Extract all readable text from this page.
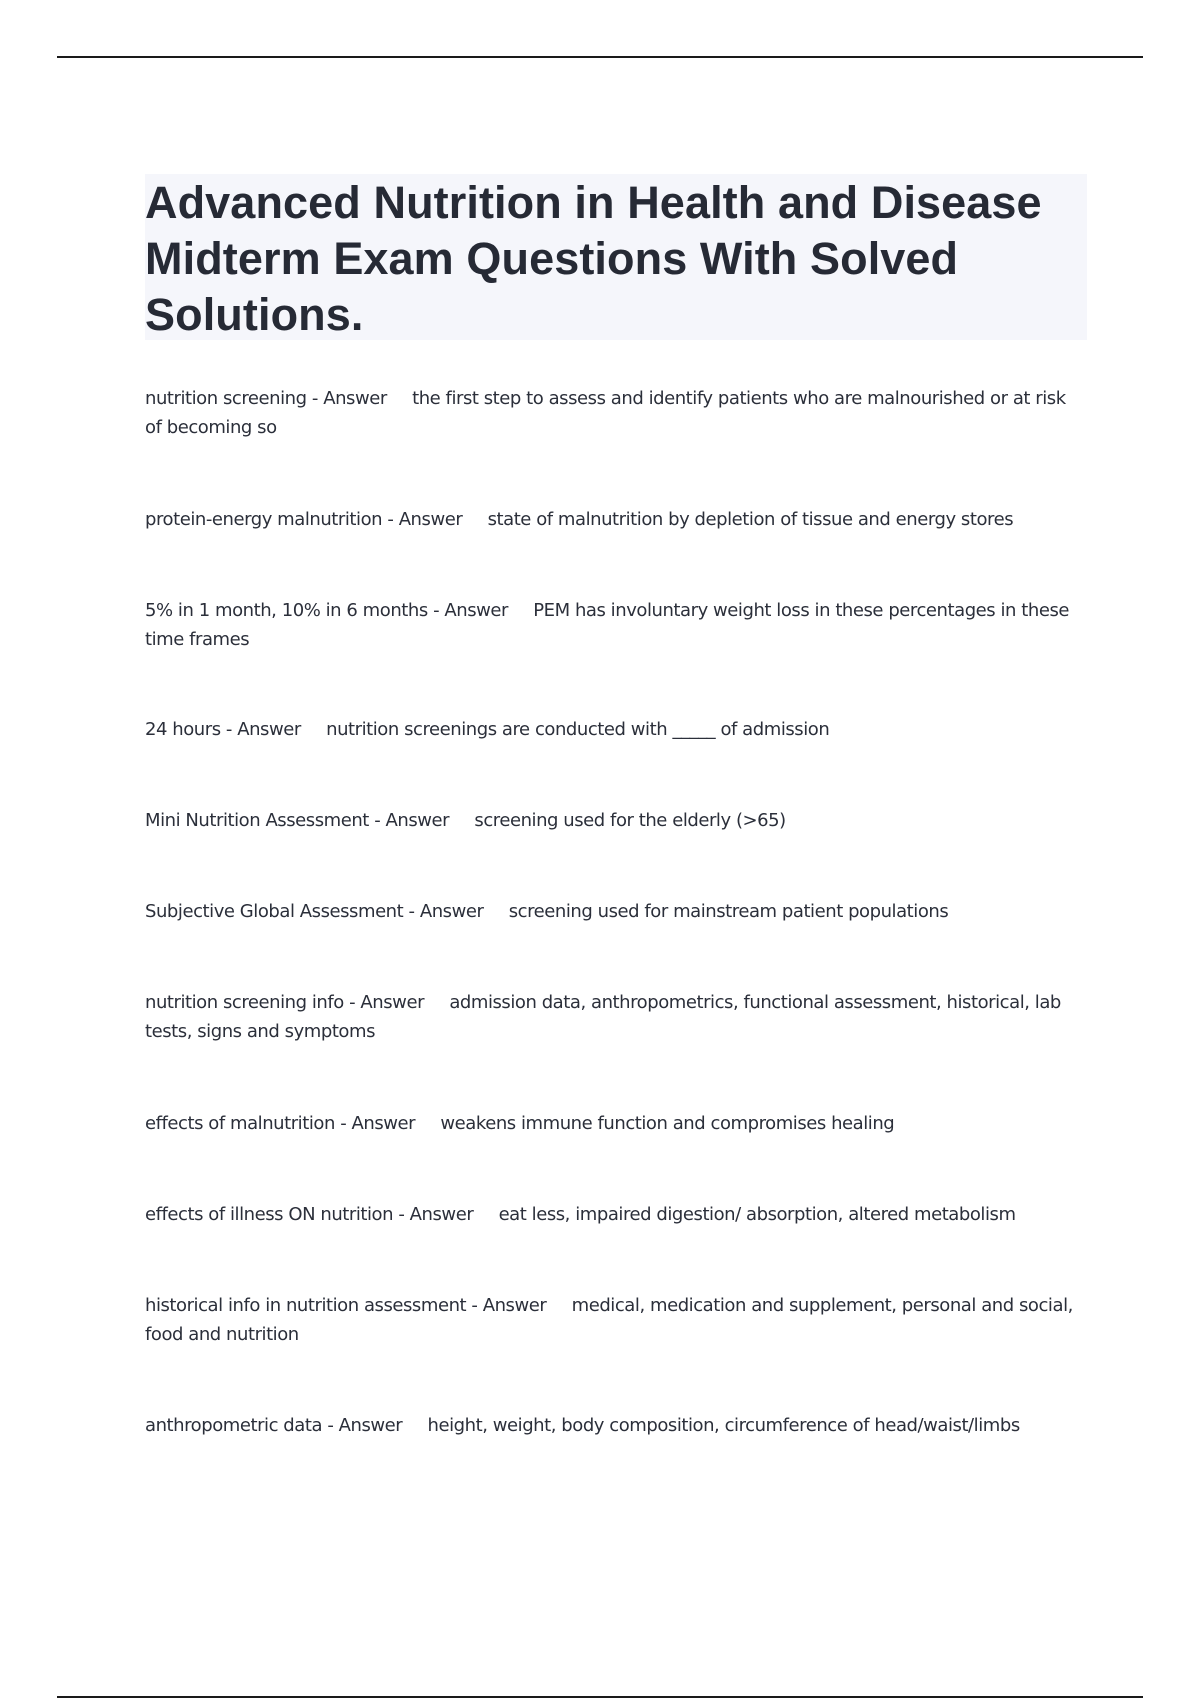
Advanced Nutrition in Health and Disease Midterm Exam Questions With Solved Solutions.
nutrition screening - Answer the first step to assess and identify patients who are malnourished or at risk of becoming so
protein-energy malnutrition - Answer state of malnutrition by depletion of tissue and energy stores
5% in 1 month, 10% in 6 months - Answer PEM has involuntary weight loss in these percentages in these time frames
24 hours - Answer nutrition screenings are conducted with _____ of admission
Mini Nutrition Assessment - Answer screening used for the elderly (>65)
Subjective Global Assessment - Answer screening used for mainstream patient populations
nutrition screening info - Answer admission data, anthropometrics, functional assessment, historical, lab tests, signs and symptoms
effects of malnutrition - Answer weakens immune function and compromises healing
effects of illness ON nutrition - Answer eat less, impaired digestion/ absorption, altered metabolism
historical info in nutrition assessment - Answer medical, medication and supplement, personal and social, food and nutrition
anthropometric data - Answer height, weight, body composition, circumference of head/waist/limbs
